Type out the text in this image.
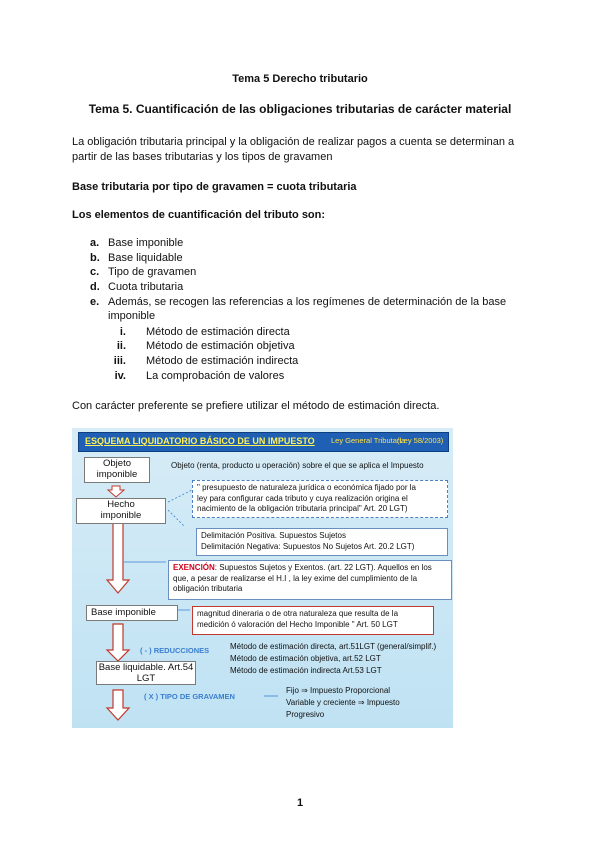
Tema 5 Derecho tributario
Tema 5. Cuantificación de las obligaciones tributarias de carácter material
La obligación tributaria principal y la obligación de realizar pagos a cuenta se determinan a
partir de las bases tributarias y los tipos de gravamen
Base tributaria por tipo de gravamen = cuota tributaria
Los elementos de cuantificación del tributo son:
a. Base imponible
b. Base liquidable
c. Tipo de gravamen
d. Cuota tributaria
e. Además, se recogen las referencias a los regímenes de determinación de la base
imponible
i. Método de estimación directa
ii. Método de estimación objetiva
iii. Método de estimación indirecta
iv. La comprobación de valores
Con carácter preferente se prefiere utilizar el método de estimación directa.
ESQUEMA LIQUIDATORIO BÁSICO DE UN IMPUESTO Ley General Tributaria
(Ley 58/2003)
Objeto
imponible
Objeto (renta, producto u operación) sobre el que se aplica el Impuesto
Hecho
imponible
" presupuesto de naturaleza jurídica o económica fijado por la
ley para configurar cada tributo y cuya realización origina el
nacimiento de la obligación tributaria principal" Art. 20 LGT)
Delimitación Positiva. Supuestos Sujetos
Delimitación Negativa: Supuestos No Sujetos Art. 20.2 LGT)
EXENCIÓN: Supuestos Sujetos y Exentos. (art. 22 LGT). Aquellos en los
que, a pesar de realizarse el H.I , la ley exime del cumplimiento de la
obligación tributaria
Base imponible	magnitud dineraria o de otra naturaleza que resulta de la
medición ó valoración del Hecho Imponible " Art. 50 LGT
( - ) REDUCCIONES	Método de estimación directa, art.51LGT (general/simplif.)
Método de estimación objetiva, art.52 LGT
Método de estimación indirecta Art.53 LGT
Base liquidable. Art.54
LGT
( X ) TIPO DE GRAVAMEN
Fijo ⇒ Impuesto Proporcional
Variable y creciente ⇒ Impuesto
Progresivo
1
